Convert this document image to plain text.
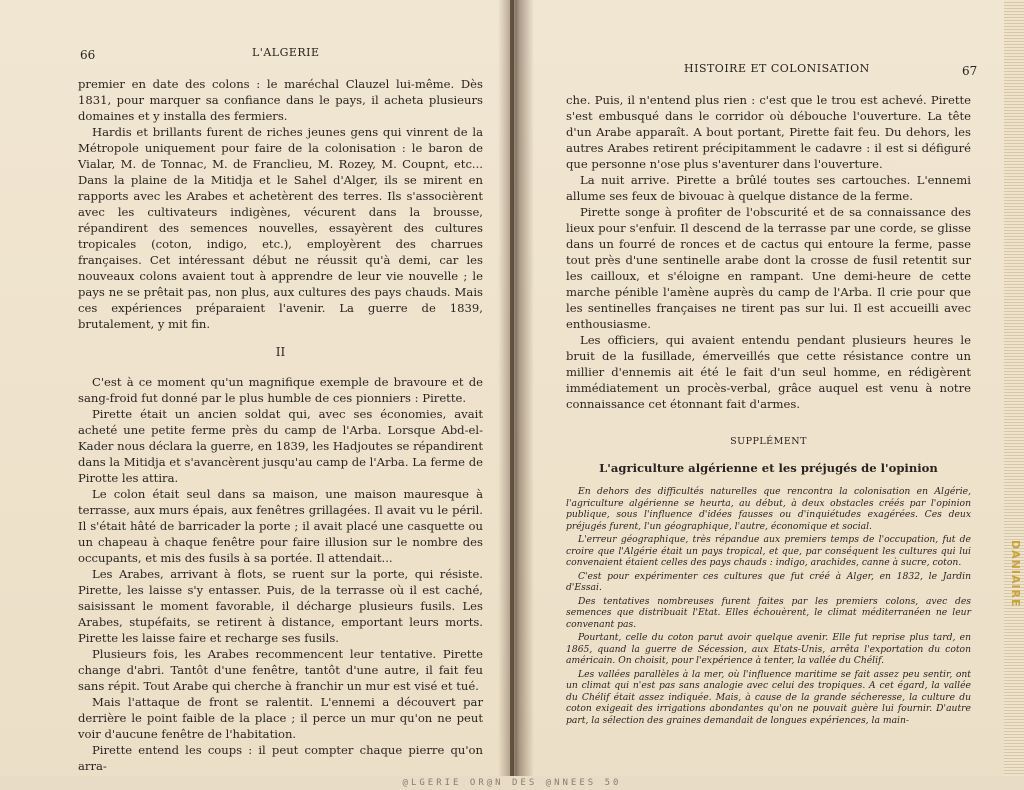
66	L'ALGERIE

premier en date des colons : le maréchal Clauzel lui-même. Dès 1831, pour marquer sa confiance dans le pays, il acheta plusieurs domaines et y installa des fermiers.

Hardis et brillants furent de riches jeunes gens qui vinrent de la Métropole uniquement pour faire de la colonisation : le baron de Vialar, M. de Tonnac, M. de Franclieu, M. Rozey, M. Coupnt, etc... Dans la plaine de la Mitidja et le Sahel d'Alger, ils se mirent en rapports avec les Arabes et achetèrent des terres. Ils s'associèrent avec les cultivateurs indigènes, vécurent dans la brousse, répandirent des semences nouvelles, essayèrent des cultures tropicales (coton, indigo, etc.), employèrent des charrues françaises. Cet intéressant début ne réussit qu'à demi, car les nouveaux colons avaient tout à apprendre de leur vie nouvelle ; le pays ne se prêtait pas, non plus, aux cultures des pays chauds. Mais ces expériences préparaient l'avenir. La guerre de 1839, brutalement, y mit fin.

II

C'est à ce moment qu'un magnifique exemple de bravoure et de sang-froid fut donné par le plus humble de ces pionniers : Pirette.

Pirette était un ancien soldat qui, avec ses économies, avait acheté une petite ferme près du camp de l'Arba. Lorsque Abd-el-Kader nous déclara la guerre, en 1839, les Hadjoutes se répandirent dans la Mitidja et s'avancèrent jusqu'au camp de l'Arba. La ferme de Pirotte les attira.

Le colon était seul dans sa maison, une maison mauresque à terrasse, aux murs épais, aux fenêtres grillagées. Il avait vu le péril. Il s'était hâté de barricader la porte ; il avait placé une casquette ou un chapeau à chaque fenêtre pour faire illusion sur le nombre des occupants, et mis des fusils à sa portée. Il attendait...

Les Arabes, arrivant à flots, se ruent sur la porte, qui résiste. Pirette, les laisse s'y entasser. Puis, de la terrasse où il est caché, saisissant le moment favorable, il décharge plusieurs fusils. Les Arabes, stupéfaits, se retirent à distance, emportant leurs morts. Pirette les laisse faire et recharge ses fusils.

Plusieurs fois, les Arabes recommencent leur tentative. Pirette change d'abri. Tantôt d'une fenêtre, tantôt d'une autre, il fait feu sans répit. Tout Arabe qui cherche à franchir un mur est visé et tué.

Mais l'attaque de front se ralentit. L'ennemi a découvert par derrière le point faible de la place ; il perce un mur qu'on ne peut voir d'aucune fenêtre de l'habitation.

Pirette entend les coups : il peut compter chaque pierre qu'on arra-

HISTOIRE ET COLONISATION	67

che. Puis, il n'entend plus rien : c'est que le trou est achevé. Pirette s'est embusqué dans le corridor où débouche l'ouverture. La tête d'un Arabe apparaît. A bout portant, Pirette fait feu. Du dehors, les autres Arabes retirent précipitamment le cadavre : il est si défiguré que personne n'ose plus s'aventurer dans l'ouverture.

La nuit arrive. Pirette a brûlé toutes ses cartouches. L'ennemi allume ses feux de bivouac à quelque distance de la ferme.

Pirette songe à profiter de l'obscurité et de sa connaissance des lieux pour s'enfuir. Il descend de la terrasse par une corde, se glisse dans un fourré de ronces et de cactus qui entoure la ferme, passe tout près d'une sentinelle arabe dont la crosse de fusil retentit sur les cailloux, et s'éloigne en rampant. Une demi-heure de cette marche pénible l'amène auprès du camp de l'Arba. Il crie pour que les sentinelles françaises ne tirent pas sur lui. Il est accueilli avec enthousiasme.

Les officiers, qui avaient entendu pendant plusieurs heures le bruit de la fusillade, émerveillés que cette résistance contre un millier d'ennemis ait été le fait d'un seul homme, en rédigèrent immédiatement un procès-verbal, grâce auquel est venu à notre connaissance cet étonnant fait d'armes.

SUPPLÉMENT
L'agriculture algérienne et les préjugés de l'opinion

En dehors des difficultés naturelles que rencontra la colonisation en Algérie, l'agriculture algérienne se heurta, au début, à deux obstacles créés par l'opinion publique, sous l'influence d'idées fausses ou d'inquiétudes exagérées. Ces deux préjugés furent, l'un géographique, l'autre, économique et social.

L'erreur géographique, très répandue aux premiers temps de l'occupation, fut de croire que l'Algérie était un pays tropical, et que, par conséquent les cultures qui lui convenaient étaient celles des pays chauds : indigo, arachides, canne à sucre, coton.

C'est pour expérimenter ces cultures que fut créé à Alger, en 1832, le Jardin d'Essai.

Des tentatives nombreuses furent faites par les premiers colons, avec des semences que distribuait l'Etat. Elles échouèrent, le climat méditerranéen ne leur convenant pas.

Pourtant, celle du coton parut avoir quelque avenir. Elle fut reprise plus tard, en 1865, quand la guerre de Sécession, aux Etats-Unis, arrêta l'exportation du coton américain. On choisit, pour l'expérience à tenter, la vallée du Chélif.

Les vallées parallèles à la mer, où l'influence maritime se fait assez peu sentir, ont un climat qui n'est pas sans analogie avec celui des tropiques. A cet égard, la vallée du Chélif était assez indiquée. Mais, à cause de la grande sécheresse, la culture du coton exigeait des irrigations abondantes qu'on ne pouvait guère lui fournir. D'autre part, la sélection des graines demandait de longues expériences, la main-

DANIAIRE
@LGERIE OR@N DES @NNEES 50
